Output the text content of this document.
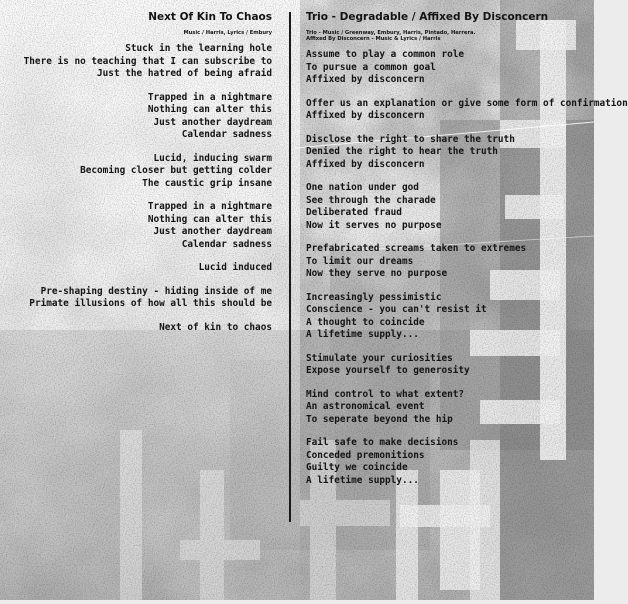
Next Of Kin To Chaos
Music / Harris, Lyrics / Embury
Stuck in the learning hole
There is no teaching that I can subscribe to
Just the hatred of being afraid
Trapped in a nightmare
Nothing can alter this
Just another daydream
Calendar sadness
Lucid, inducing swarm
Becoming closer but getting colder
The caustic grip insane
Trapped in a nightmare
Nothing can alter this
Just another daydream
Calendar sadness
Lucid induced
Pre-shaping destiny - hiding inside of me
Primate illusions of how all this should be
Next of kin to chaos
Trio - Degradable / Affixed By Disconcern
Trio - Music / Greenway, Embury, Harris, Pintado, Herrera.
Affixed By Disconcern - Music & Lyrics / Harris
Assume to play a common role
To pursue a common goal
Affixed by disconcern
Offer us an explanation or give some form of confirmation
Affixed by disconcern
Disclose the right to share the truth
Denied the right to hear the truth
Affixed by disconcern
One nation under god
See through the charade
Deliberated fraud
Now it serves no purpose
Prefabricated screams taken to extremes
To limit our dreams
Now they serve no purpose
Increasingly pessimistic
Conscience - you can't resist it
A thought to coincide
A lifetime supply...
Stimulate your curiosities
Expose yourself to generosity
Mind control to what extent?
An astronomical event
To seperate beyond the hip
Fail safe to make decisions
Conceded premonitions
Guilty we coincide
A lifetime supply...
